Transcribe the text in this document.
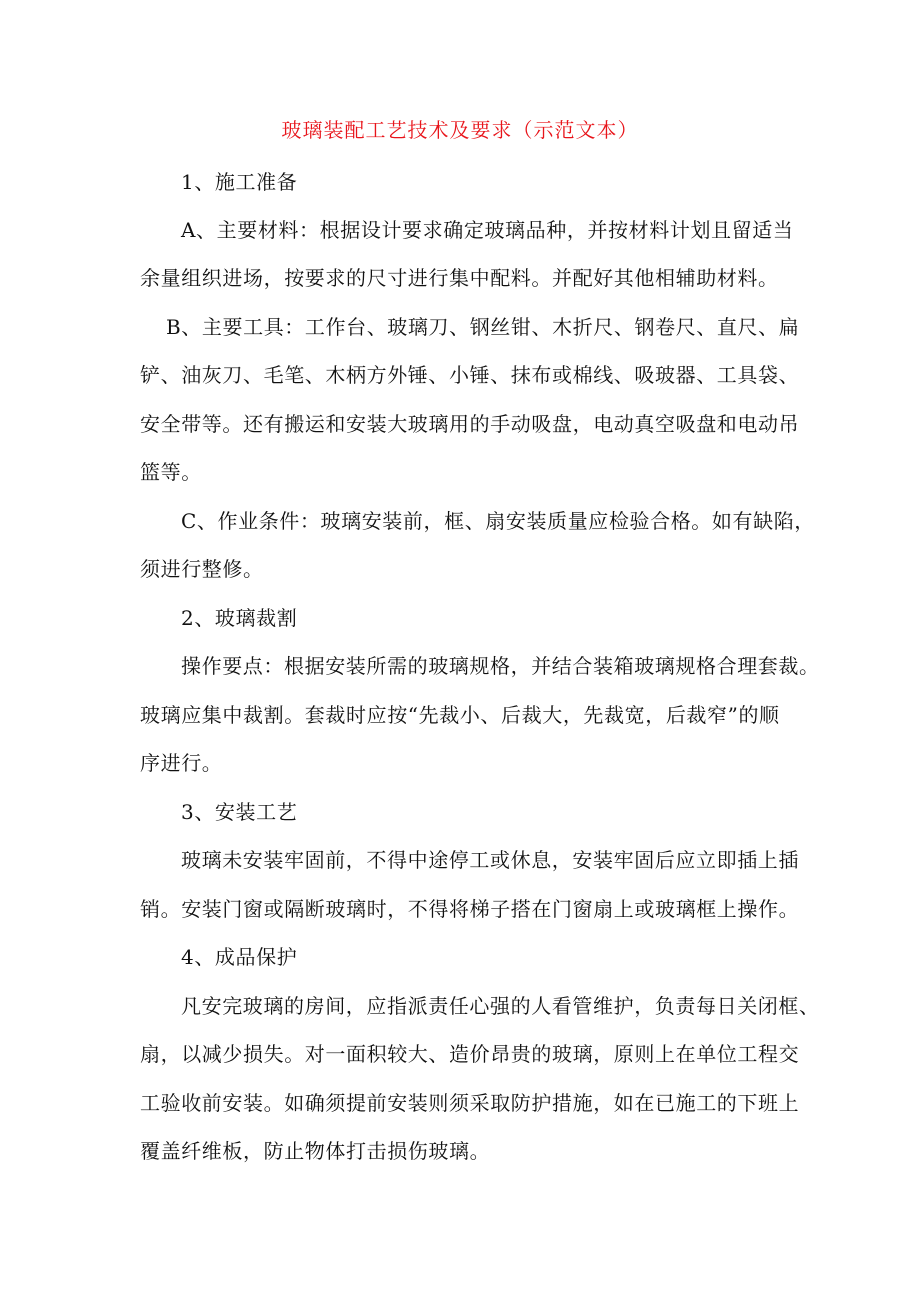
玻璃装配工艺技术及要求（示范文本）
1、施工准备
A、主要材料：根据设计要求确定玻璃品种，并按材料计划且留适当
余量组织进场，按要求的尺寸进行集中配料。并配好其他相辅助材料。
B、主要工具：工作台、玻璃刀、钢丝钳、木折尺、钢卷尺、直尺、扁
铲、油灰刀、毛笔、木柄方外锤、小锤、抹布或棉线、吸玻器、工具袋、
安全带等。还有搬运和安装大玻璃用的手动吸盘，电动真空吸盘和电动吊
篮等。
C、作业条件：玻璃安装前，框、扇安装质量应检验合格。如有缺陷，
须进行整修。
2、玻璃裁割
操作要点：根据安装所需的玻璃规格，并结合装箱玻璃规格合理套裁。
玻璃应集中裁割。套裁时应按“先裁小、后裁大，先裁宽，后裁窄”的顺
序进行。
3、安装工艺
玻璃未安装牢固前，不得中途停工或休息，安装牢固后应立即插上插
销。安装门窗或隔断玻璃时，不得将梯子搭在门窗扇上或玻璃框上操作。
4、成品保护
凡安完玻璃的房间，应指派责任心强的人看管维护，负责每日关闭框、
扇，以减少损失。对一面积较大、造价昂贵的玻璃，原则上在单位工程交
工验收前安装。如确须提前安装则须采取防护措施，如在已施工的下班上
覆盖纤维板，防止物体打击损伤玻璃。
